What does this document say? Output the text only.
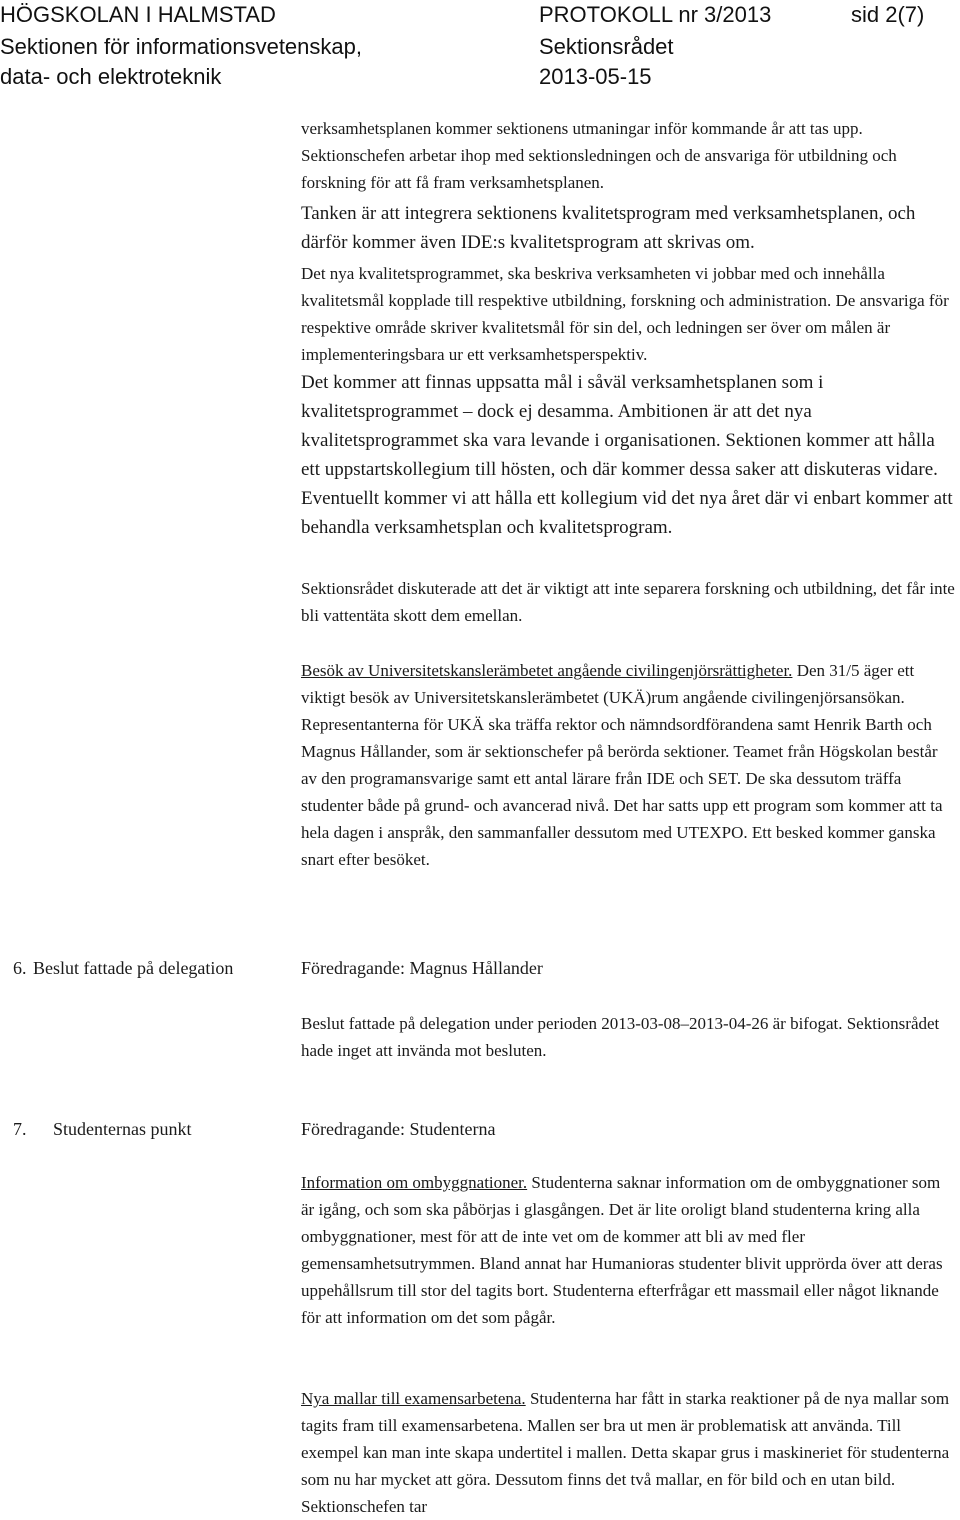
HÖGSKOLAN I HALMSTAD
Sektionen för informationsvetenskap,
data- och elektroteknik
PROTOKOLL nr 3/2013
Sektionsrådet
2013-05-15
sid 2(7)

verksamhetsplanen kommer sektionens utmaningar inför kommande år att tas upp. Sektionschefen arbetar ihop med sektionsledningen och de ansvariga för utbildning och forskning för att få fram verksamhetsplanen.

Tanken är att integrera sektionens kvalitetsprogram med verksamhetsplanen, och därför kommer även IDE:s kvalitetsprogram att skrivas om.

Det nya kvalitetsprogrammet, ska beskriva verksamheten vi jobbar med och innehålla kvalitetsmål kopplade till respektive utbildning, forskning och administration. De ansvariga för respektive område skriver kvalitetsmål för sin del, och ledningen ser över om målen är implementeringsbara ur ett verksamhetsperspektiv.

Det kommer att finnas uppsatta mål i såväl verksamhetsplanen som i kvalitetsprogrammet – dock ej desamma. Ambitionen är att det nya kvalitetsprogrammet ska vara levande i organisationen. Sektionen kommer att hålla ett uppstartskollegium till hösten, och där kommer dessa saker att diskuteras vidare. Eventuellt kommer vi att hålla ett kollegium vid det nya året där vi enbart kommer att behandla verksamhetsplan och kvalitetsprogram.

Sektionsrådet diskuterade att det är viktigt att inte separera forskning och utbildning, det får inte bli vattentäta skott dem emellan.

Besök av Universitetskanslerämbetet angående civilingenjörsrättigheter. Den 31/5 äger ett viktigt besök av Universitetskanslerämbetet (UKÄ)rum angående civilingenjörsansökan. Representanterna för UKÄ ska träffa rektor och nämndsordförandena samt Henrik Barth och Magnus Hållander, som är sektionschefer på berörda sektioner. Teamet från Högskolan består av den programansvarige samt ett antal lärare från IDE och SET. De ska dessutom träffa studenter både på grund- och avancerad nivå. Det har satts upp ett program som kommer att ta hela dagen i anspråk, den sammanfaller dessutom med UTEXPO. Ett besked kommer ganska snart efter besöket.

6. Beslut fattade på delegation	Föredragande: Magnus Hållander

Beslut fattade på delegation under perioden 2013-03-08–2013-04-26 är bifogat. Sektionsrådet hade inget att invända mot besluten.

7. Studenternas punkt	Föredragande: Studenterna

Information om ombyggnationer. Studenterna saknar information om de ombyggnationer som är igång, och som ska påbörjas i glasgången. Det är lite oroligt bland studenterna kring alla ombyggnationer, mest för att de inte vet om de kommer att bli av med fler gemensamhetsutrymmen. Bland annat har Humanioras studenter blivit upprörda över att deras uppehållsrum till stor del tagits bort. Studenterna efterfrågar ett massmail eller något liknande för att information om det som pågår.

Nya mallar till examensarbetena. Studenterna har fått in starka reaktioner på de nya mallar som tagits fram till examensarbetena. Mallen ser bra ut men är problematisk att använda. Till exempel kan man inte skapa undertitel i mallen. Detta skapar grus i maskineriet för studenterna som nu har mycket att göra. Dessutom finns det två mallar, en för bild och en utan bild. Sektionschefen tar
